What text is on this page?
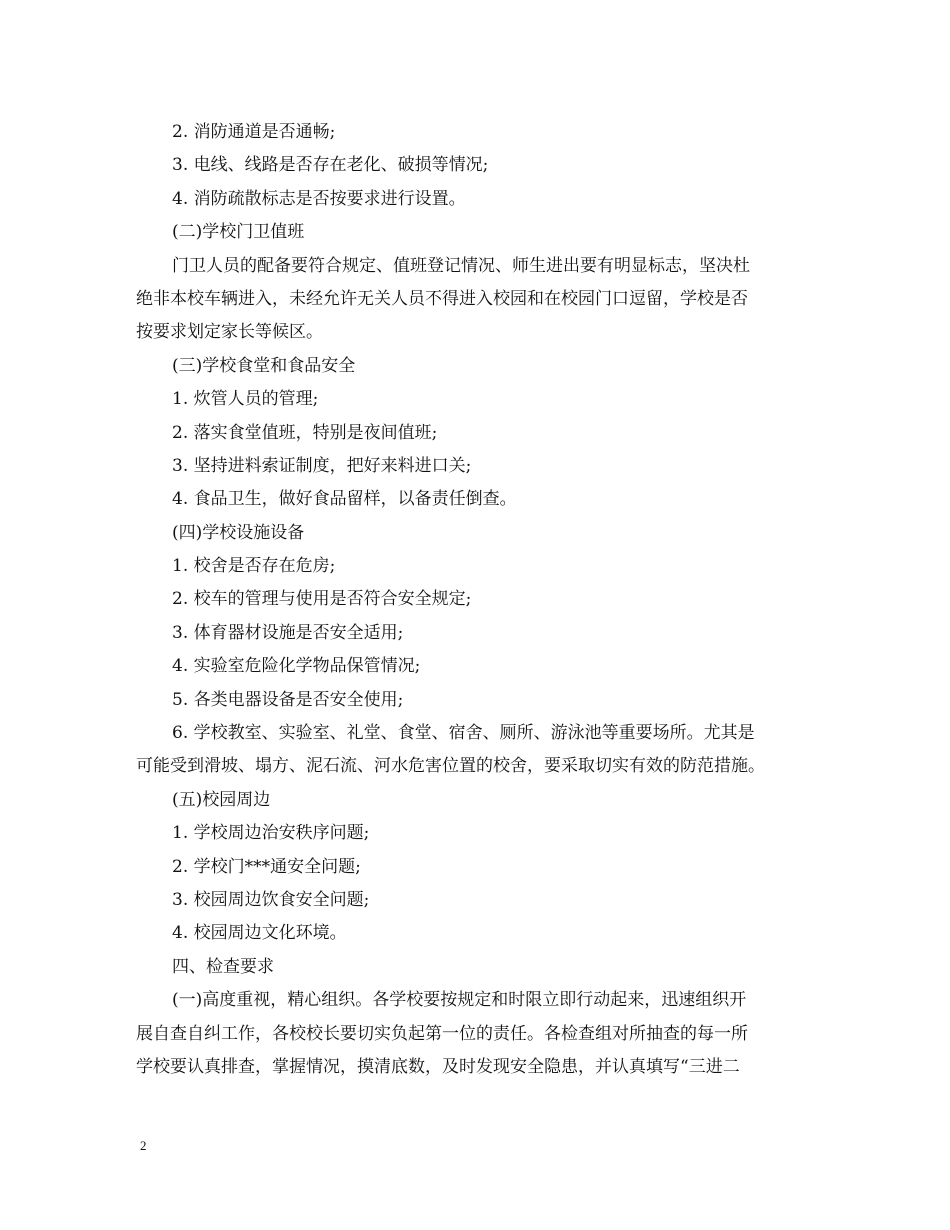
2. 消防通道是否通畅;
3. 电线、线路是否存在老化、破损等情况;
4. 消防疏散标志是否按要求进行设置。
(二)学校门卫值班
门卫人员的配备要符合规定、值班登记情况、师生进出要有明显标志，坚决杜
绝非本校车辆进入，未经允许无关人员不得进入校园和在校园门口逗留，学校是否
按要求划定家长等候区。
(三)学校食堂和食品安全
1. 炊管人员的管理;
2. 落实食堂值班，特别是夜间值班;
3. 坚持进料索证制度，把好来料进口关;
4. 食品卫生，做好食品留样，以备责任倒查。
(四)学校设施设备
1. 校舍是否存在危房;
2. 校车的管理与使用是否符合安全规定;
3. 体育器材设施是否安全适用;
4. 实验室危险化学物品保管情况;
5. 各类电器设备是否安全使用;
6. 学校教室、实验室、礼堂、食堂、宿舍、厕所、游泳池等重要场所。尤其是
可能受到滑坡、塌方、泥石流、河水危害位置的校舍，要采取切实有效的防范措施。
(五)校园周边
1. 学校周边治安秩序问题;
2. 学校门***通安全问题;
3. 校园周边饮食安全问题;
4. 校园周边文化环境。
四、检查要求
(一)高度重视，精心组织。各学校要按规定和时限立即行动起来，迅速组织开
展自查自纠工作，各校校长要切实负起第一位的责任。各检查组对所抽查的每一所
学校要认真排查，掌握情况，摸清底数，及时发现安全隐患，并认真填写“三进二
2
